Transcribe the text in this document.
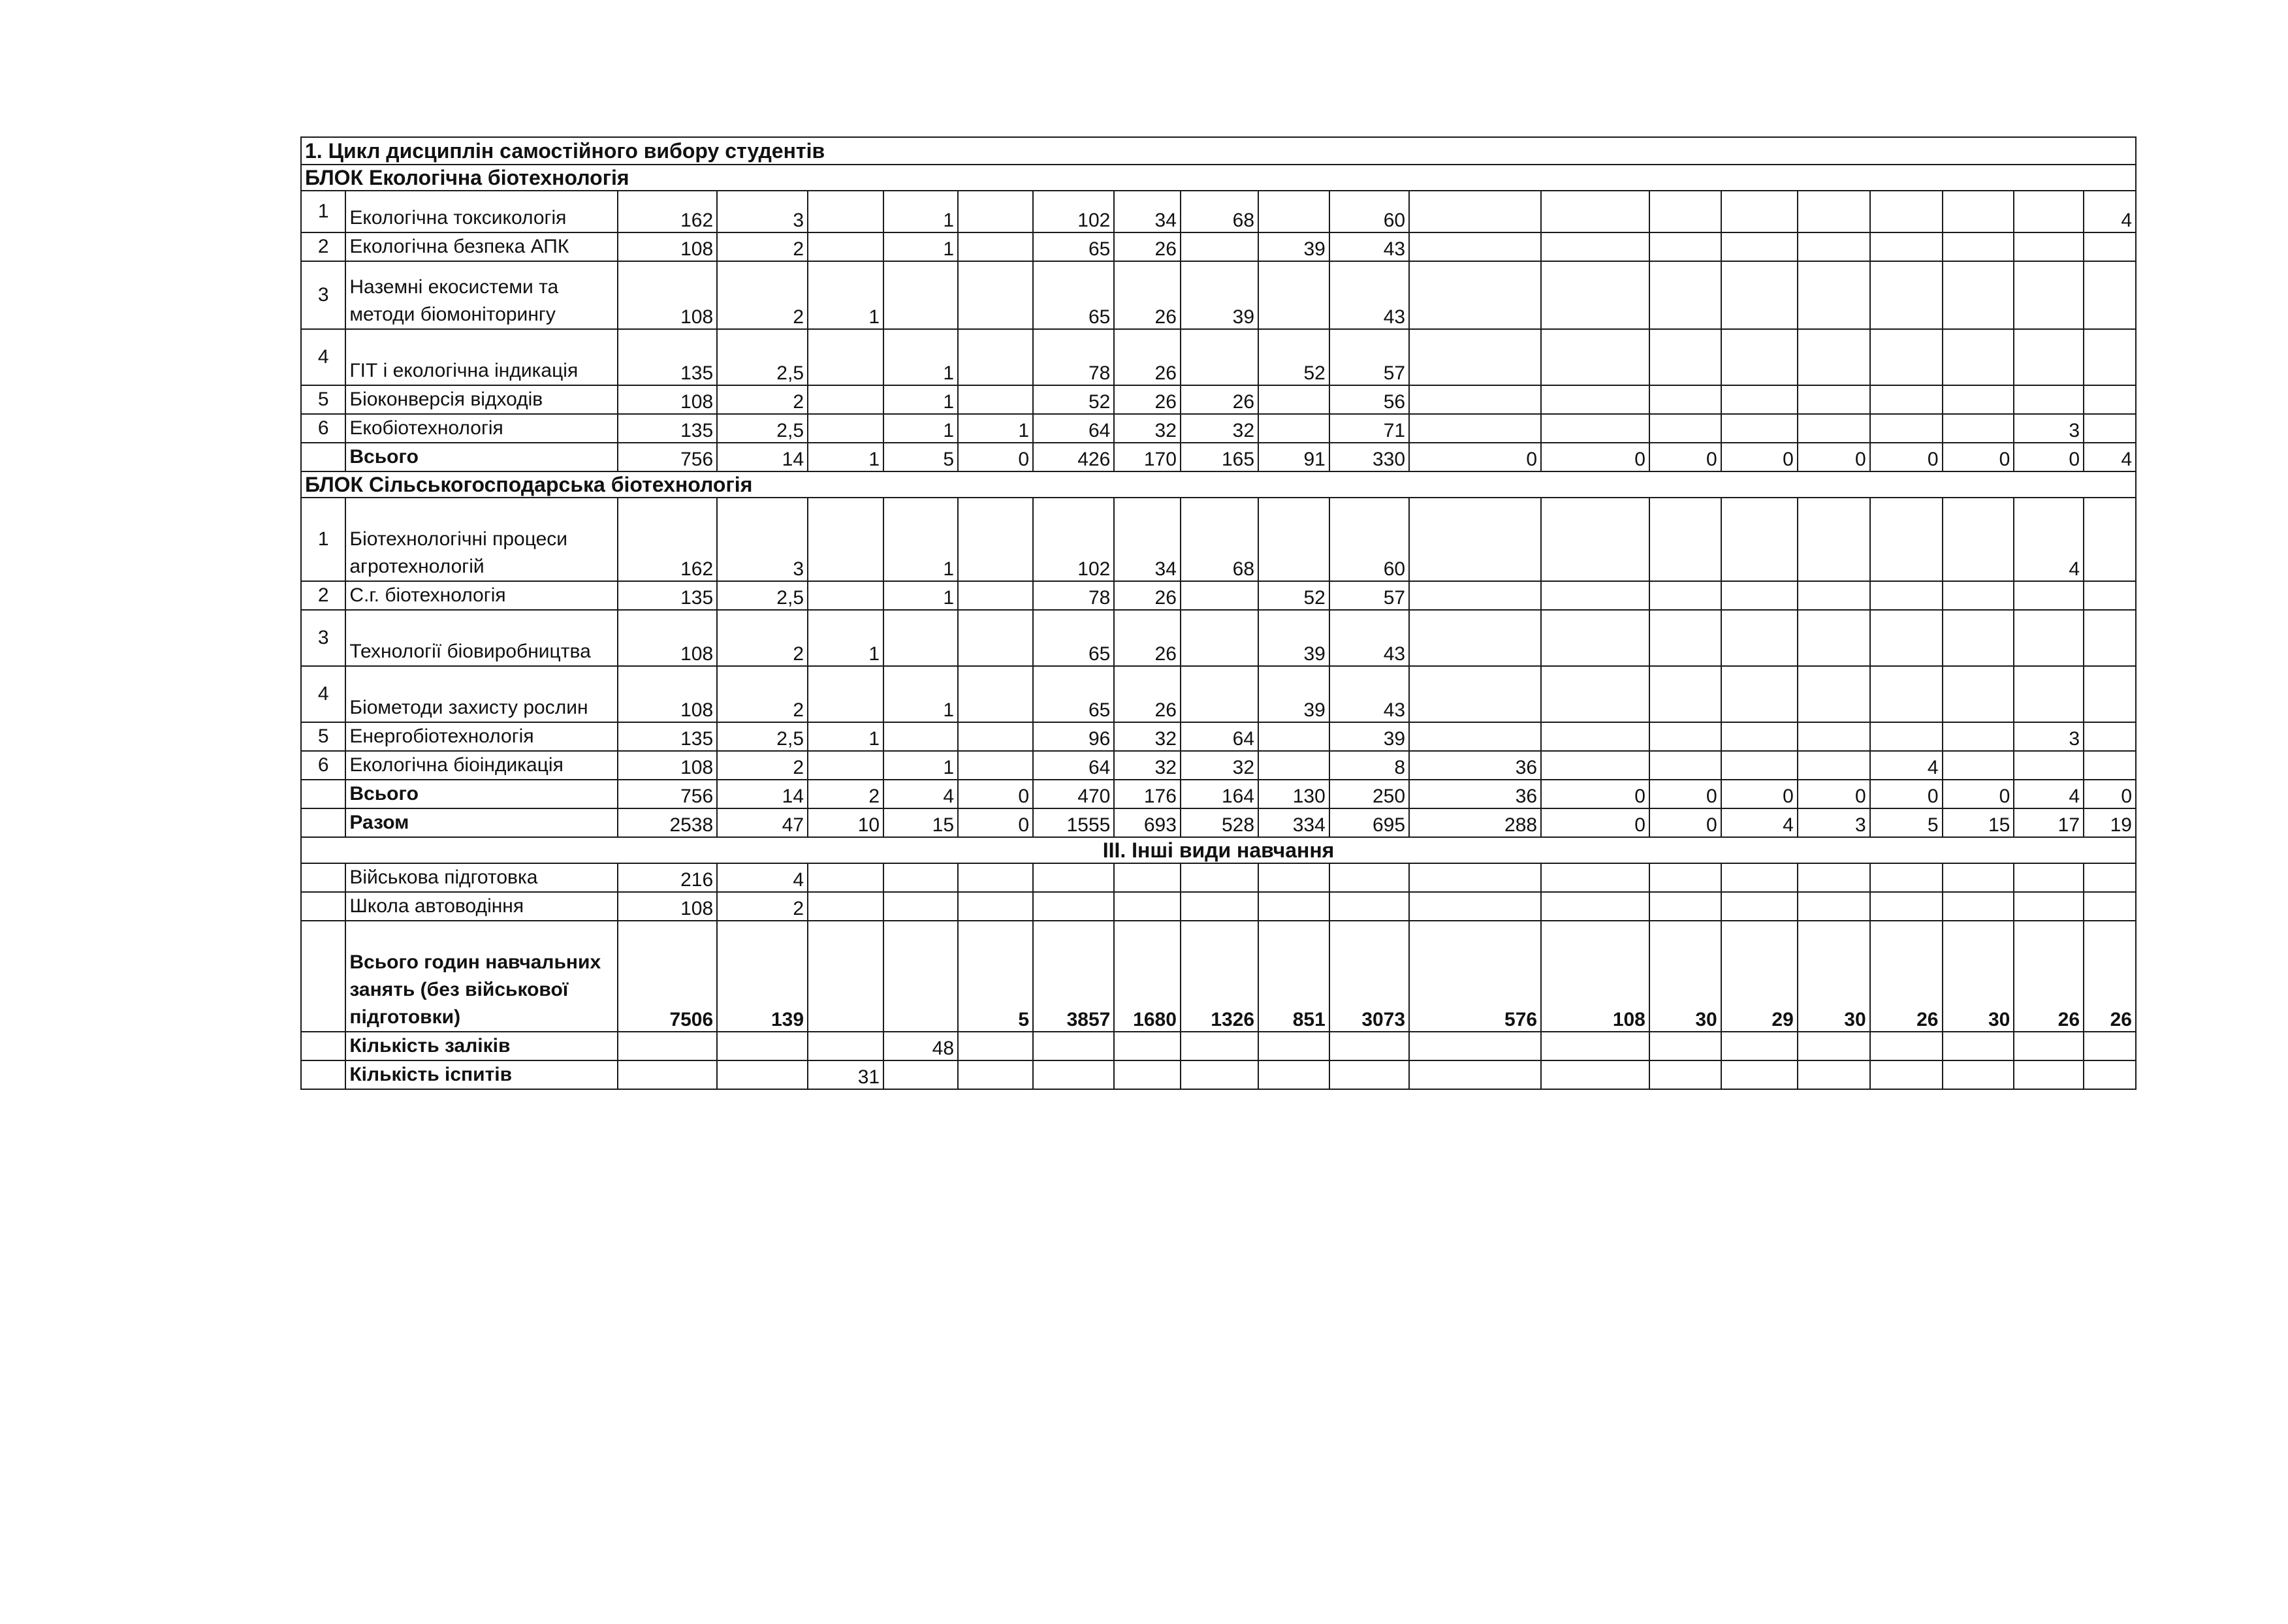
1. Цикл дисциплін самостійного вибору студентів																					
БЛОК Екологічна біотехнологія																					
1	Екологічна токсикологія	162	3		1		102	34	68		60									4	
2	Екологічна безпека АПК	108	2		1		65	26		39	43										
3	Наземні екосистеми та методи біомоніторингу	108	2	1			65	26	39		43										
4	ГІТ і екологічна індикація	135	2,5		1		78	26		52	57										
5	Біоконверсія відходів	108	2		1		52	26	26		56										
6	Екобіотехнологія	135	2,5		1	1	64	32	32		71								3		
	Всього	756	14	1	5	0	426	170	165	91	330	0	0	0	0	0	0	0	0	4	
БЛОК Сільськогосподарська біотехнологія																					
1	Біотехнологічні процеси агротехнологій	162	3		1		102	34	68		60								4		
2	С.г. біотехнологія	135	2,5		1		78	26		52	57										
3	Технології біовиробництва	108	2	1			65	26		39	43										
4	Біометоди захисту рослин	108	2		1		65	26		39	43										
5	Енергобіотехнологія	135	2,5	1			96	32	64		39								3		
6	Екологічна біоіндикація	108	2		1		64	32	32		8	36					4				
	Всього	756	14	2	4	0	470	176	164	130	250	36	0	0	0	0	0	0	4	0	
	Разом	2538	47	10	15	0	1555	693	528	334	695	288	0	0	4	3	5	15	17	19	
ІІІ. Інші види навчання																					
	Військова підготовка	216	4																		
	Школа автоводіння	108	2																		
	Всього годин навчальних занять (без військової підготовки)	7506	139			5	3857	1680	1326	851	3073	576	108	30	29	30	26	30	26	26	
	Кількість заліків				48																
	Кількість іспитів			31																	
